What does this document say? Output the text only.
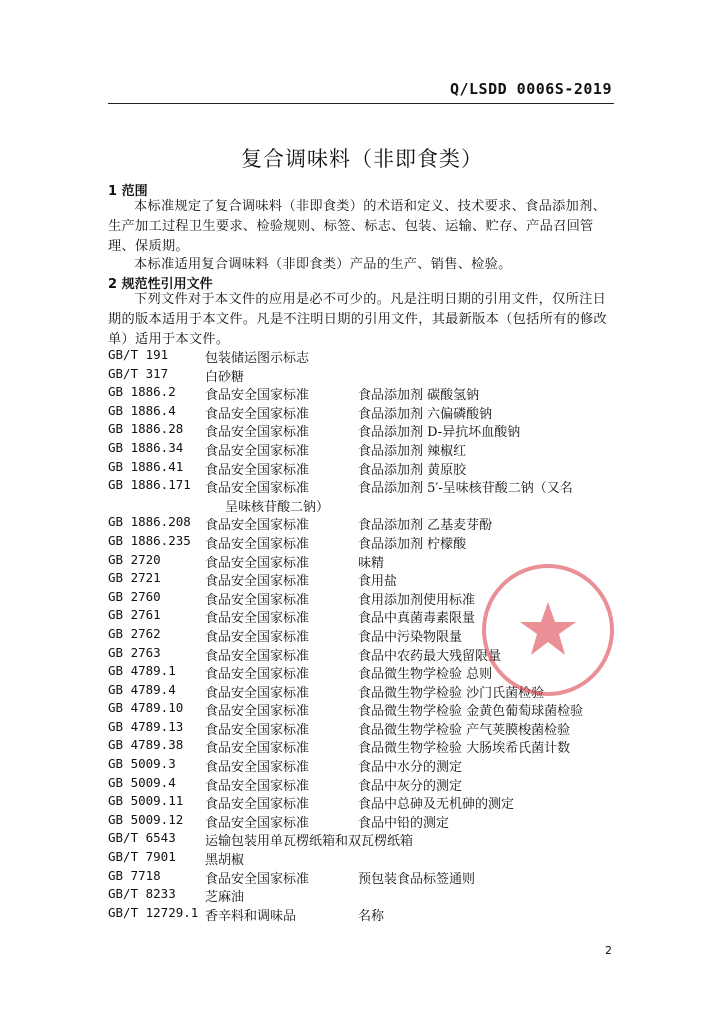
Q/LSDD 0006S-2019
复合调味料（非即食类）
1 范围
本标准规定了复合调味料（非即食类）的术语和定义、技术要求、食品添加剂、生产加工过程卫生要求、检验规则、标签、标志、包装、运输、贮存、产品召回管理、保质期。
本标准适用复合调味料（非即食类）产品的生产、销售、检验。
2 规范性引用文件
下列文件对于本文件的应用是必不可少的。凡是注明日期的引用文件，仅所注日期的版本适用于本文件。凡是不注明日期的引用文件，其最新版本（包括所有的修改单）适用于本文件。
GB/T 191	包装储运图示标志
GB/T 317	白砂糖
GB 1886.2 食品安全国家标准	食品添加剂 碳酸氢钠
GB 1886.4 食品安全国家标准	食品添加剂 六偏磷酸钠
GB 1886.28 食品安全国家标准	食品添加剂 D-异抗坏血酸钠
GB 1886.34 食品安全国家标准	食品添加剂 辣椒红
GB 1886.41 食品安全国家标准	食品添加剂 黄原胶
GB 1886.171 食品安全国家标准	食品添加剂 5′-呈味核苷酸二钠（又名
呈味核苷酸二钠）
GB 1886.208 食品安全国家标准	食品添加剂 乙基麦芽酚
GB 1886.235 食品安全国家标准	食品添加剂 柠檬酸
GB 2720	食品安全国家标准	味精
GB 2721	食品安全国家标准	食用盐
GB 2760	食品安全国家标准	食用添加剂使用标准
GB 2761	食品安全国家标准	食品中真菌毒素限量
GB 2762	食品安全国家标准	食品中污染物限量
GB 2763	食品安全国家标准	食品中农药最大残留限量
GB 4789.1 食品安全国家标准	食品微生物学检验 总则
GB 4789.4 食品安全国家标准	食品微生物学检验 沙门氏菌检验
GB 4789.10 食品安全国家标准	食品微生物学检验 金黄色葡萄球菌检验
GB 4789.13 食品安全国家标准	食品微生物学检验 产气荚膜梭菌检验
GB 4789.38 食品安全国家标准	食品微生物学检验 大肠埃希氏菌计数
GB 5009.3 食品安全国家标准	食品中水分的测定
GB 5009.4 食品安全国家标准	食品中灰分的测定
GB 5009.11 食品安全国家标准	食品中总砷及无机砷的测定
GB 5009.12 食品安全国家标准	食品中铅的测定
GB/T 6543 运输包装用单瓦楞纸箱和双瓦楞纸箱
GB/T 7901 黑胡椒
GB 7718	食品安全国家标准	预包装食品标签通则
GB/T 8233 芝麻油
GB/T 12729.1 香辛料和调味品	名称
2
